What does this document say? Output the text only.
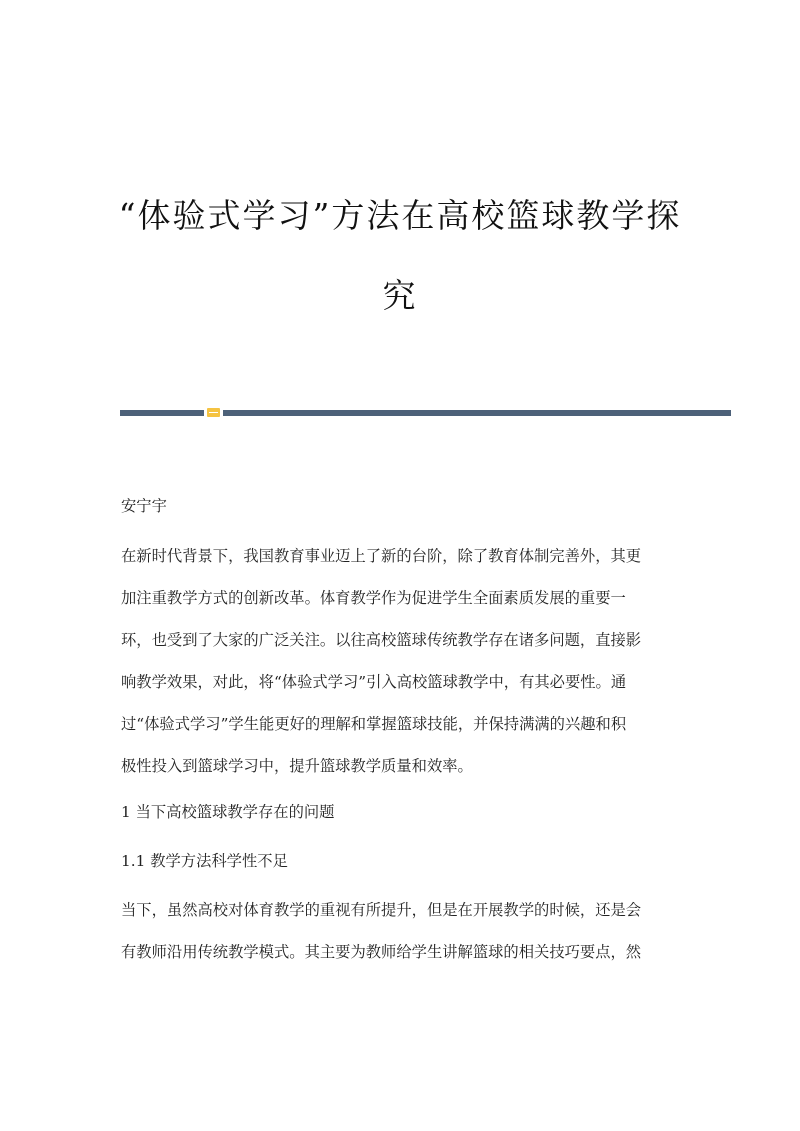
“体验式学习”方法在高校篮球教学探
究

安宁宇

在新时代背景下，我国教育事业迈上了新的台阶，除了教育体制完善外，其更

加注重教学方式的创新改革。体育教学作为促进学生全面素质发展的重要一

环，也受到了大家的广泛关注。以往高校篮球传统教学存在诸多问题，直接影

响教学效果，对此，将“体验式学习”引入高校篮球教学中，有其必要性。通

过“体验式学习”学生能更好的理解和掌握篮球技能，并保持满满的兴趣和积

极性投入到篮球学习中，提升篮球教学质量和效率。

1 当下高校篮球教学存在的问题

1.1 教学方法科学性不足

当下，虽然高校对体育教学的重视有所提升，但是在开展教学的时候，还是会

有教师沿用传统教学模式。其主要为教师给学生讲解篮球的相关技巧要点，然
